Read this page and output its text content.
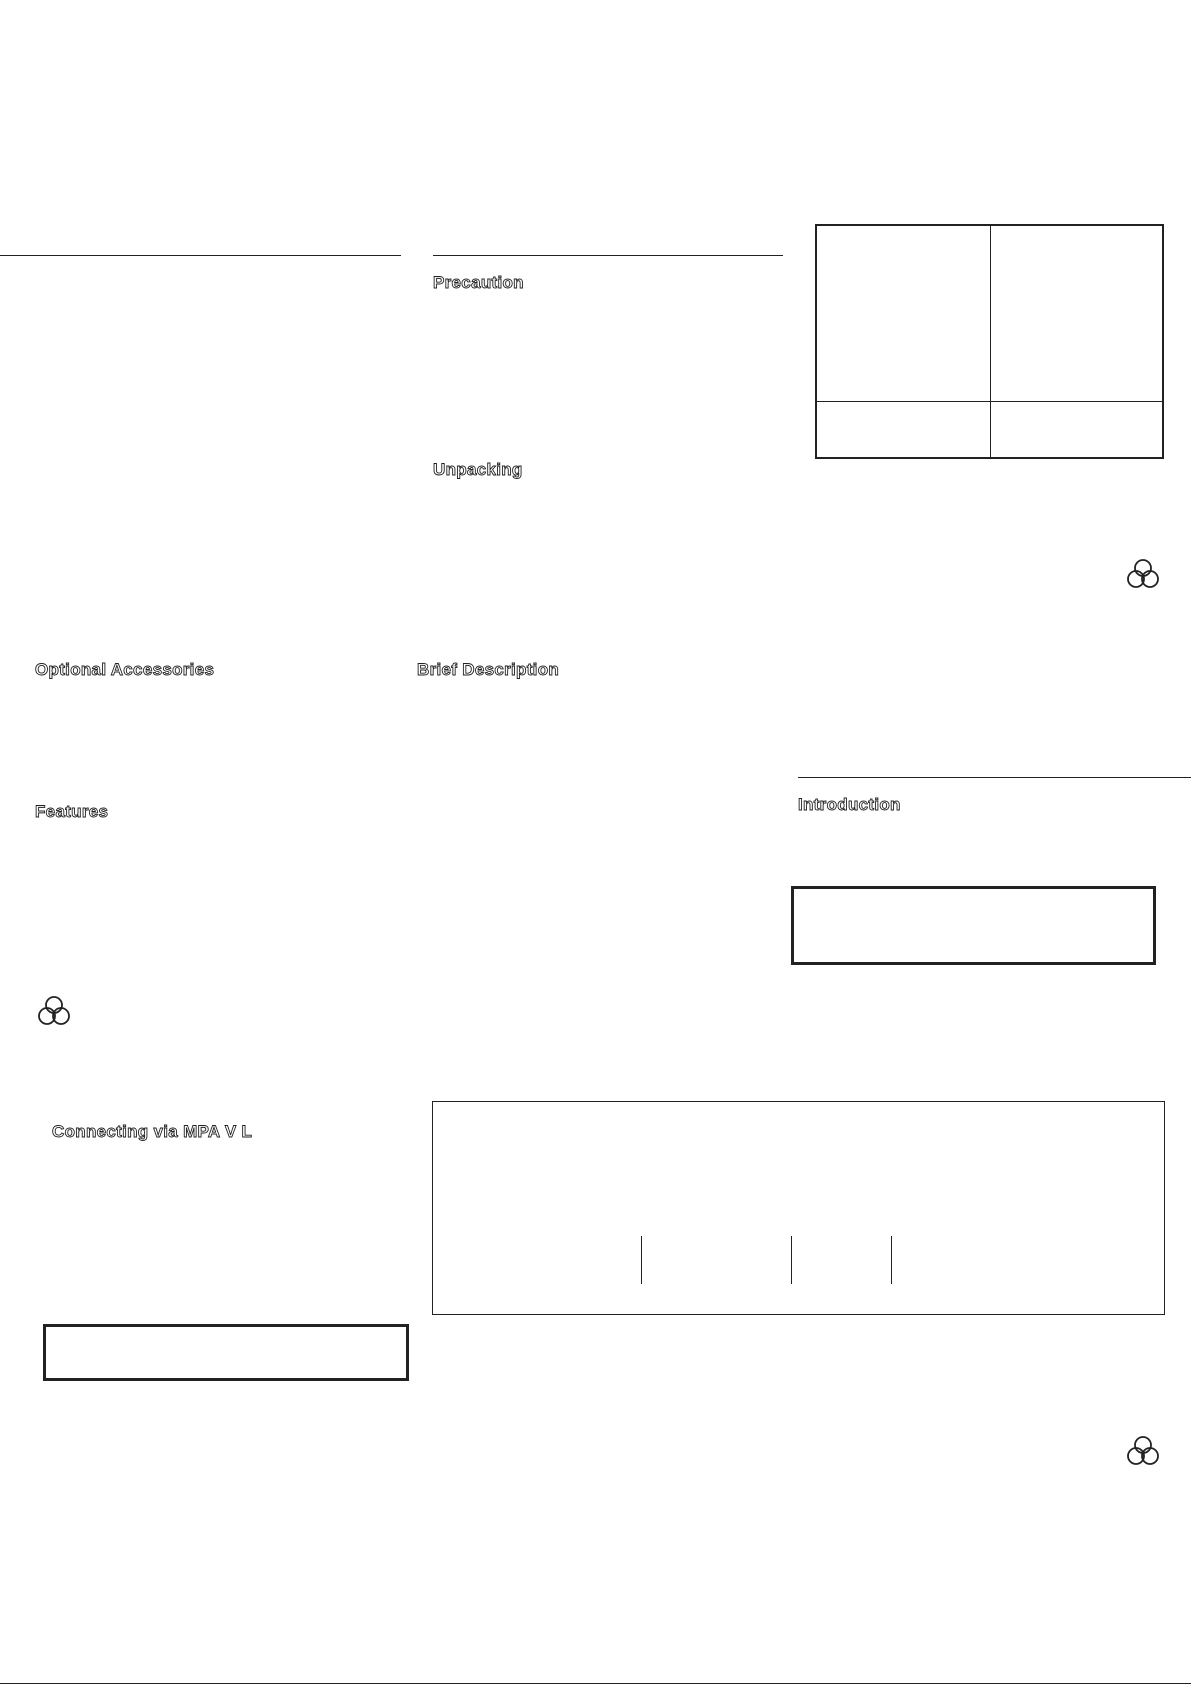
Precaution
Unpacking
Optional Accessories	Brief Description
Features	Introduction
Connecting via MPA V L
